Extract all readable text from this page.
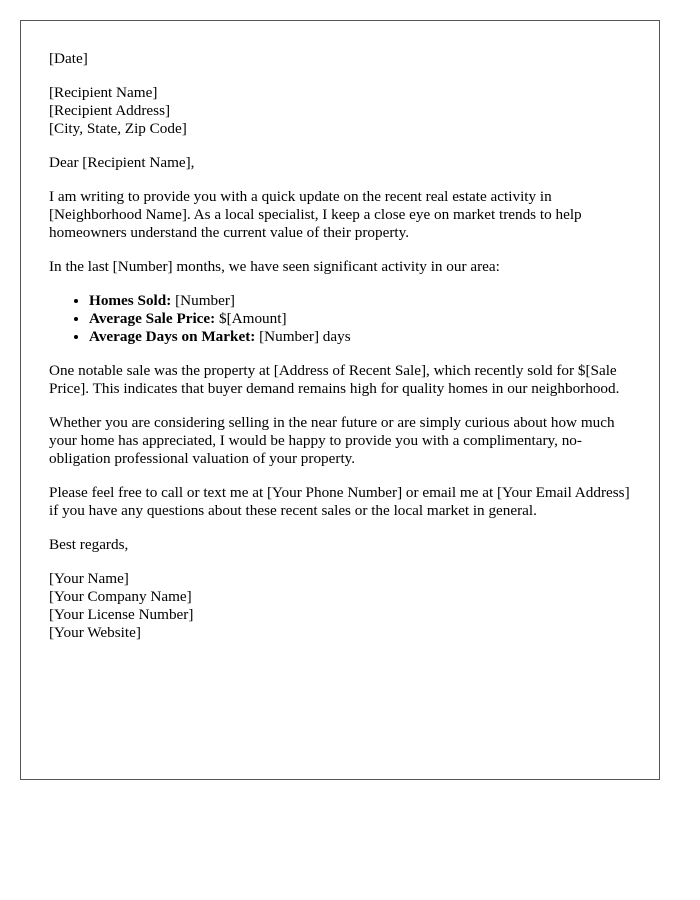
[Date]
[Recipient Name]
[Recipient Address]
[City, State, Zip Code]

Dear [Recipient Name],

I am writing to provide you with a quick update on the recent real estate activity in [Neighborhood Name]. As a local specialist, I keep a close eye on market trends to help homeowners understand the current value of their property.

In the last [Number] months, we have seen significant activity in our area:

• Homes Sold: [Number]
• Average Sale Price: $[Amount]
• Average Days on Market: [Number] days

One notable sale was the property at [Address of Recent Sale], which recently sold for $[Sale Price]. This indicates that buyer demand remains high for quality homes in our neighborhood.

Whether you are considering selling in the near future or are simply curious about how much your home has appreciated, I would be happy to provide you with a complimentary, no-obligation professional valuation of your property.

Please feel free to call or text me at [Your Phone Number] or email me at [Your Email Address] if you have any questions about these recent sales or the local market in general.

Best regards,

[Your Name]
[Your Company Name]
[Your License Number]
[Your Website]
